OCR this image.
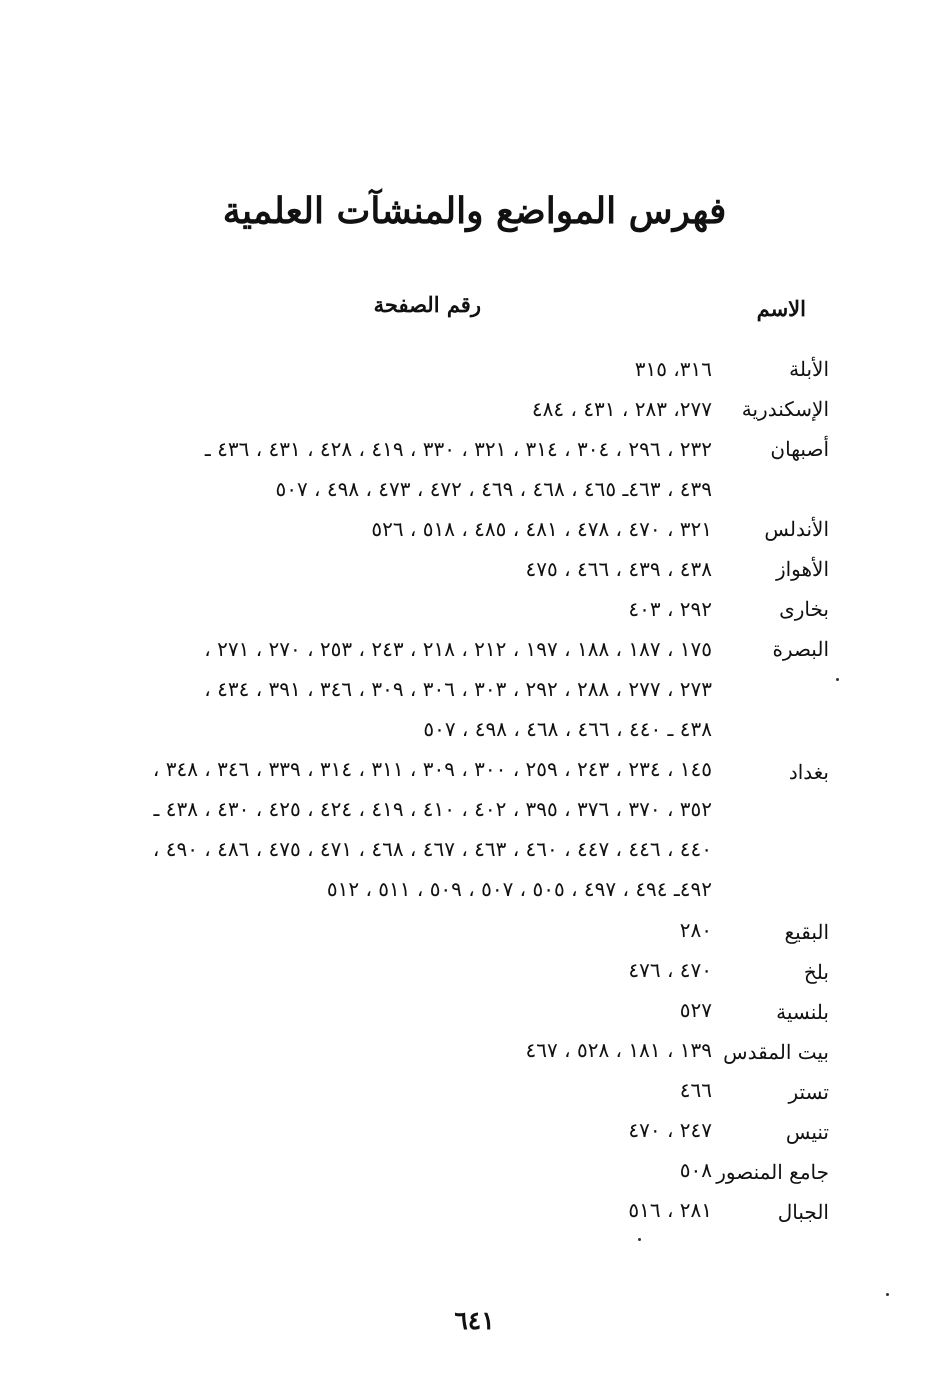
فهرس المواضع والمنشآت العلمية
الاسم
رقم الصفحة
الأبلة
٣١٦، ٣١٥
الإسكندرية
٢٧٧، ٢٨٣ ، ٤٣١ ، ٤٨٤
أصبهان
٢٣٢ ، ٢٩٦ ، ٣٠٤ ، ٣١٤ ، ٣٢١ ، ٣٣٠ ، ٤١٩ ، ٤٢٨ ، ٤٣١ ، ٤٣٦ ـ
٤٣٩ ، ٤٦٣ـ ٤٦٥ ، ٤٦٨ ، ٤٦٩ ، ٤٧٢ ، ٤٧٣ ، ٤٩٨ ، ٥٠٧
الأندلس
٣٢١ ، ٤٧٠ ، ٤٧٨ ، ٤٨١ ، ٤٨٥ ، ٥١٨ ، ٥٢٦
الأهواز
٤٣٨ ، ٤٣٩ ، ٤٦٦ ، ٤٧٥
بخارى
٢٩٢ ، ٤٠٣
البصرة
١٧٥ ، ١٨٧ ، ١٨٨ ، ١٩٧ ، ٢١٢ ، ٢١٨ ، ٢٤٣ ، ٢٥٣ ، ٢٧٠ ، ٢٧١ ،
٢٧٣ ، ٢٧٧ ، ٢٨٨ ، ٢٩٢ ، ٣٠٣ ، ٣٠٦ ، ٣٠٩ ، ٣٤٦ ، ٣٩١ ، ٤٣٤ ،
٤٣٨ ـ ٤٤٠ ، ٤٦٦ ، ٤٦٨ ، ٤٩٨ ، ٥٠٧
بغداد
١٤٥ ، ٢٣٤ ، ٢٤٣ ، ٢٥٩ ، ٣٠٠ ، ٣٠٩ ، ٣١١ ، ٣١٤ ، ٣٣٩ ، ٣٤٦ ، ٣٤٨ ،
٣٥٢ ، ٣٧٠ ، ٣٧٦ ، ٣٩٥ ، ٤٠٢ ، ٤١٠ ، ٤١٩ ، ٤٢٤ ، ٤٢٥ ، ٤٣٠ ، ٤٣٨ ـ
٤٤٠ ، ٤٤٦ ، ٤٤٧ ، ٤٦٠ ، ٤٦٣ ، ٤٦٧ ، ٤٦٨ ، ٤٧١ ، ٤٧٥ ، ٤٨٦ ، ٤٩٠ ،
٤٩٢ـ ٤٩٤ ، ٤٩٧ ، ٥٠٥ ، ٥٠٧ ، ٥٠٩ ، ٥١١ ، ٥١٢
البقيع
٢٨٠
بلخ
٤٧٠ ، ٤٧٦
بلنسية
٥٢٧
بيت المقدس
١٣٩ ، ١٨١ ، ٥٢٨ ، ٤٦٧
تستر
٤٦٦
تنيس
٢٤٧ ، ٤٧٠
جامع المنصور
٥٠٨
الجبال
٢٨١ ، ٥١٦
٦٤١
